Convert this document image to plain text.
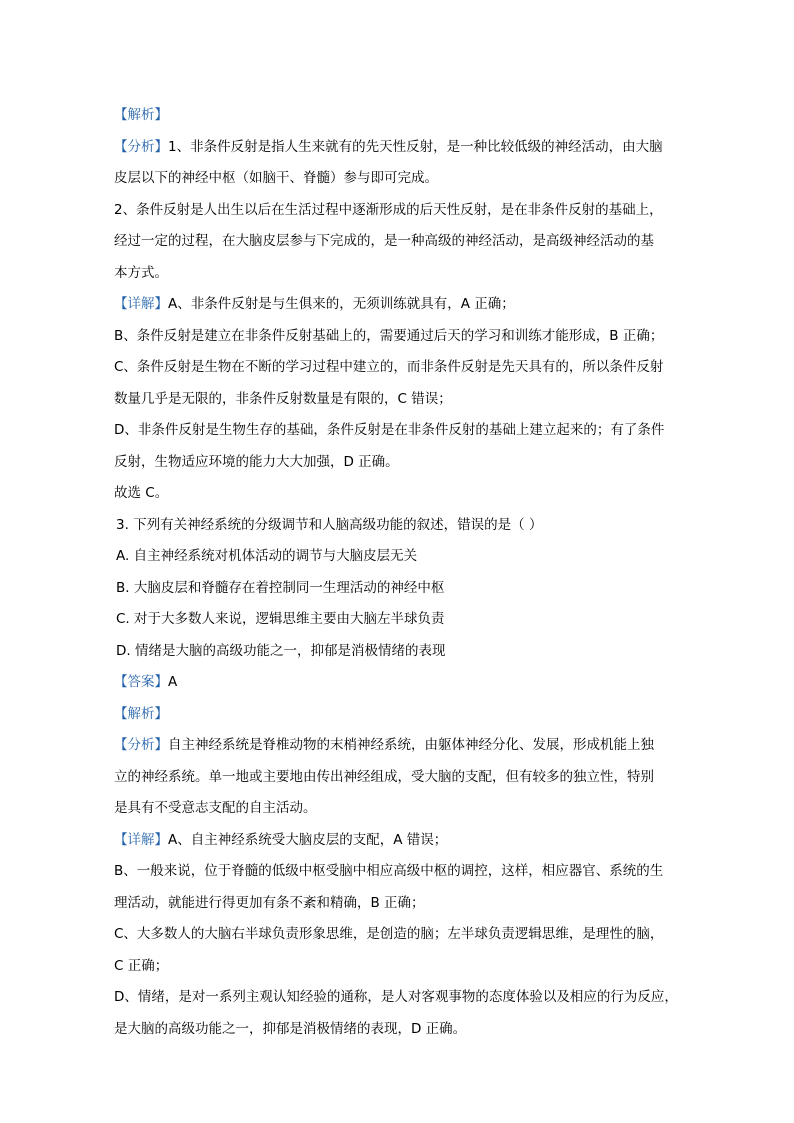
【解析】
【分析】1、非条件反射是指人生来就有的先天性反射，是一种比较低级的神经活动，由大脑
皮层以下的神经中枢（如脑干、脊髓）参与即可完成。
2、条件反射是人出生以后在生活过程中逐渐形成的后天性反射，是在非条件反射的基础上，
经过一定的过程，在大脑皮层参与下完成的，是一种高级的神经活动，是高级神经活动的基
本方式。
【详解】A、非条件反射是与生俱来的，无须训练就具有，A 正确；
B、条件反射是建立在非条件反射基础上的，需要通过后天的学习和训练才能形成，B 正确；
C、条件反射是生物在不断的学习过程中建立的，而非条件反射是先天具有的，所以条件反射
数量几乎是无限的，非条件反射数量是有限的，C 错误；
D、非条件反射是生物生存的基础，条件反射是在非条件反射的基础上建立起来的；有了条件
反射，生物适应环境的能力大大加强，D 正确。
故选 C。
3. 下列有关神经系统的分级调节和人脑高级功能的叙述，错误的是（ ）
A. 自主神经系统对机体活动的调节与大脑皮层无关
B. 大脑皮层和脊髓存在着控制同一生理活动的神经中枢
C. 对于大多数人来说，逻辑思维主要由大脑左半球负责
D. 情绪是大脑的高级功能之一，抑郁是消极情绪的表现
【答案】A
【解析】
【分析】自主神经系统是脊椎动物的末梢神经系统，由躯体神经分化、发展，形成机能上独
立的神经系统。单一地或主要地由传出神经组成，受大脑的支配，但有较多的独立性，特别
是具有不受意志支配的自主活动。
【详解】A、自主神经系统受大脑皮层的支配，A 错误；
B、一般来说，位于脊髓的低级中枢受脑中相应高级中枢的调控，这样，相应器官、系统的生
理活动，就能进行得更加有条不紊和精确，B 正确；
C、大多数人的大脑右半球负责形象思维，是创造的脑；左半球负责逻辑思维，是理性的脑，
C 正确；
D、情绪，是对一系列主观认知经验的通称，是人对客观事物的态度体验以及相应的行为反应，
是大脑的高级功能之一，抑郁是消极情绪的表现，D 正确。
